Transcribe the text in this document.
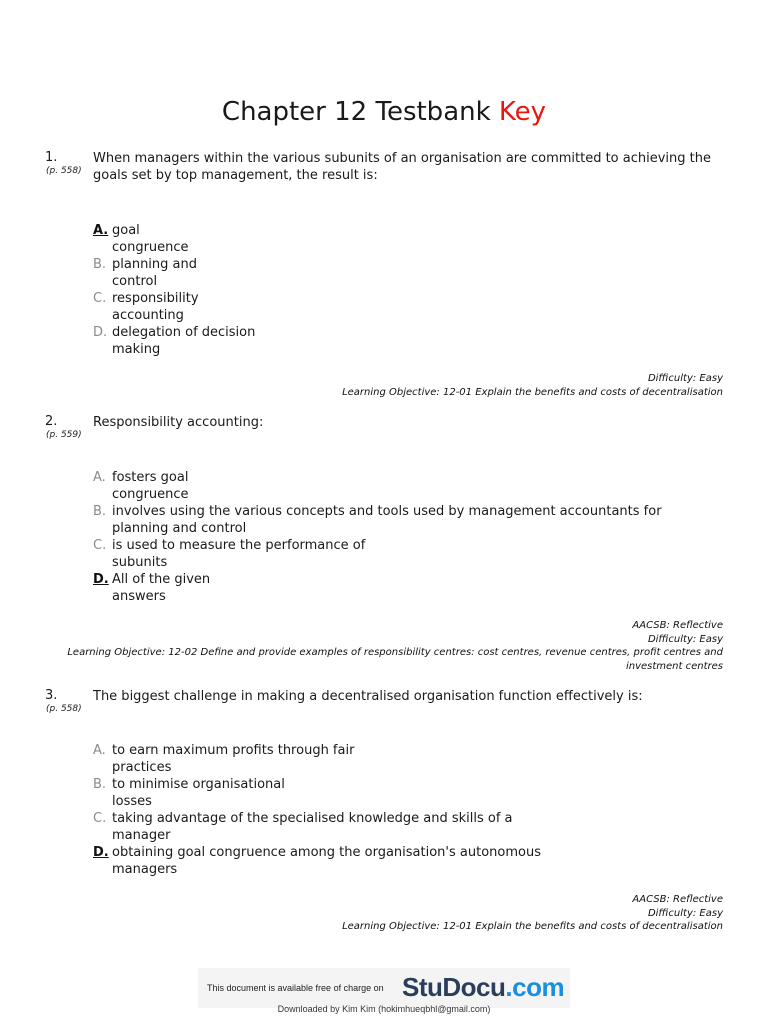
Chapter 12 Testbank Key
1.
(p. 558)
When managers within the various subunits of an organisation are committed to achieving the goals set by top management, the result is:
A. goal
congruence
B. planning and
control
C. responsibility
accounting
D. delegation of decision
making
Difficulty: Easy
Learning Objective: 12-01 Explain the benefits and costs of decentralisation
2.
(p. 559)
Responsibility accounting:
A. fosters goal
congruence
B. involves using the various concepts and tools used by management accountants for
planning and control
C. is used to measure the performance of
subunits
D. All of the given
answers
AACSB: Reflective
Difficulty: Easy
Learning Objective: 12-02 Define and provide examples of responsibility centres: cost centres, revenue centres, profit centres and
investment centres
3.
(p. 558)
The biggest challenge in making a decentralised organisation function effectively is:
A. to earn maximum profits through fair
practices
B. to minimise organisational
losses
C. taking advantage of the specialised knowledge and skills of a
manager
D. obtaining goal congruence among the organisation's autonomous
managers
AACSB: Reflective
Difficulty: Easy
Learning Objective: 12-01 Explain the benefits and costs of decentralisation
This document is available free of charge on StuDocu.com
Downloaded by Kim Kim (hokimhueqbhl@gmail.com)
